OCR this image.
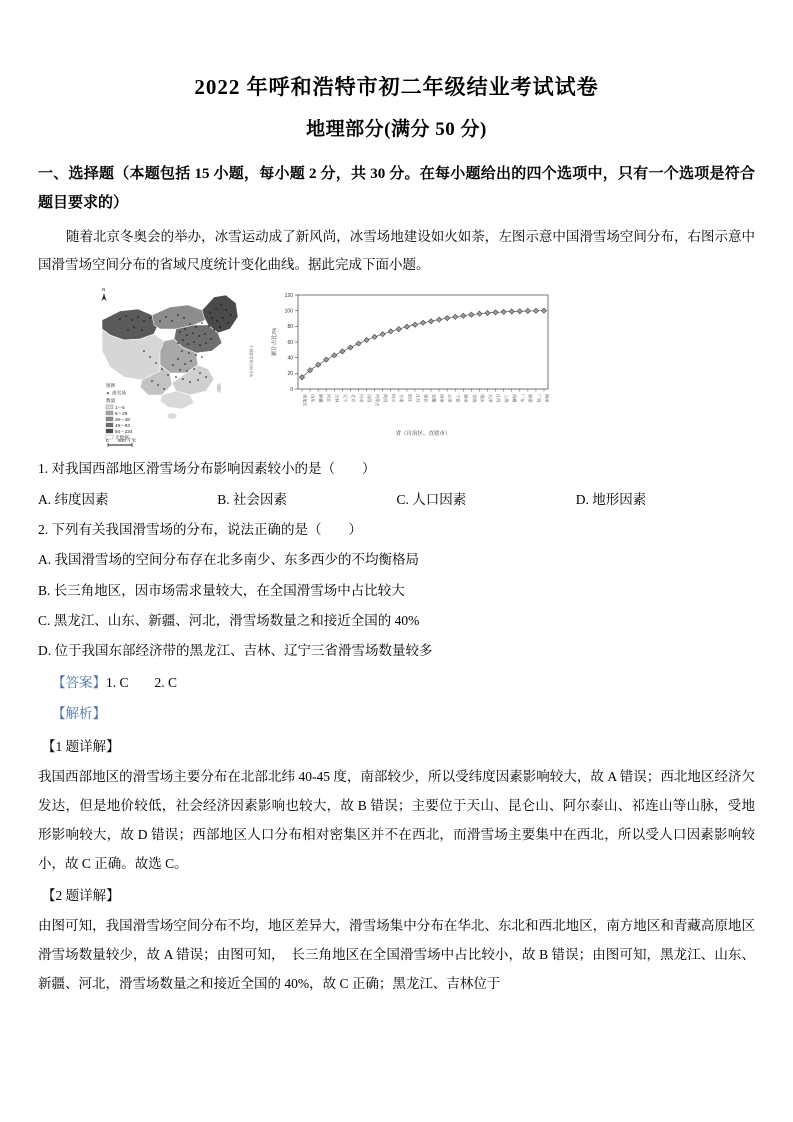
2022 年呼和浩特市初二年级结业考试试卷
地理部分(满分 50 分)
一、选择题（本题包括 15 小题，每小题 2 分，共 30 分。在每小题给出的四个选项中，只有一个选项是符合题目要求的）
随着北京冬奥会的举办，冰雪运动成了新风尚，冰雪场地建设如火如荼，左图示意中国滑雪场空间分布，右图示意中国滑雪场空间分布的省域尺度统计变化曲线。据此完成下面小题。
N
图例
滑雪场
数量
1～5
6～25
26～48
49～83
84～234
无数据
0 800 千米
中国滑雪场空间分布
0
20
40
60
80
100
120
累计占比/%
黑龙江 山东 新疆 河北 吉林 辽宁 北京 河南 山西 内蒙古 陕西 四川 甘肃 浙江 江苏 湖北 安徽 贵州 云南 宁夏 湖南 青海 重庆 天津 江西 上海 西藏 广东 福建 广西 海南
省（自治区、直辖市）
1. 对我国西部地区滑雪场分布影响因素较小的是（　　）
A. 纬度因素	B. 社会因素	C. 人口因素	D. 地形因素
2. 下列有关我国滑雪场的分布，说法正确的是（　　）
A. 我国滑雪场的空间分布存在北多南少、东多西少的不均衡格局
B. 长三角地区，因市场需求量较大，在全国滑雪场中占比较大
C. 黑龙江、山东、新疆、河北，滑雪场数量之和接近全国的 40%
D. 位于我国东部经济带的黑龙江、吉林、辽宁三省滑雪场数量较多
【答案】1. C 2. C
【解析】
【1 题详解】

我国西部地区的滑雪场主要分布在北部北纬 40-45 度，南部较少，所以受纬度因素影响较大，故 A 错误；西北地区经济欠发达，但是地价较低，社会经济因素影响也较大，故 B 错误；主要位于天山、昆仑山、阿尔泰山、祁连山等山脉，受地形影响较大，故 D 错误；西部地区人口分布相对密集区并不在西北，而滑雪场主要集中在西北，所以受人口因素影响较小，故 C 正确。故选 C。

【2 题详解】

由图可知，我国滑雪场空间分布不均，地区差异大，滑雪场集中分布在华北、东北和西北地区，南方地区和青藏高原地区滑雪场数量较少，故 A 错误；由图可知，　长三角地区在全国滑雪场中占比较小，故 B 错误；由图可知，黑龙江、山东、新疆、河北，滑雪场数量之和接近全国的 40%，故 C 正确；黑龙江、吉林位于
